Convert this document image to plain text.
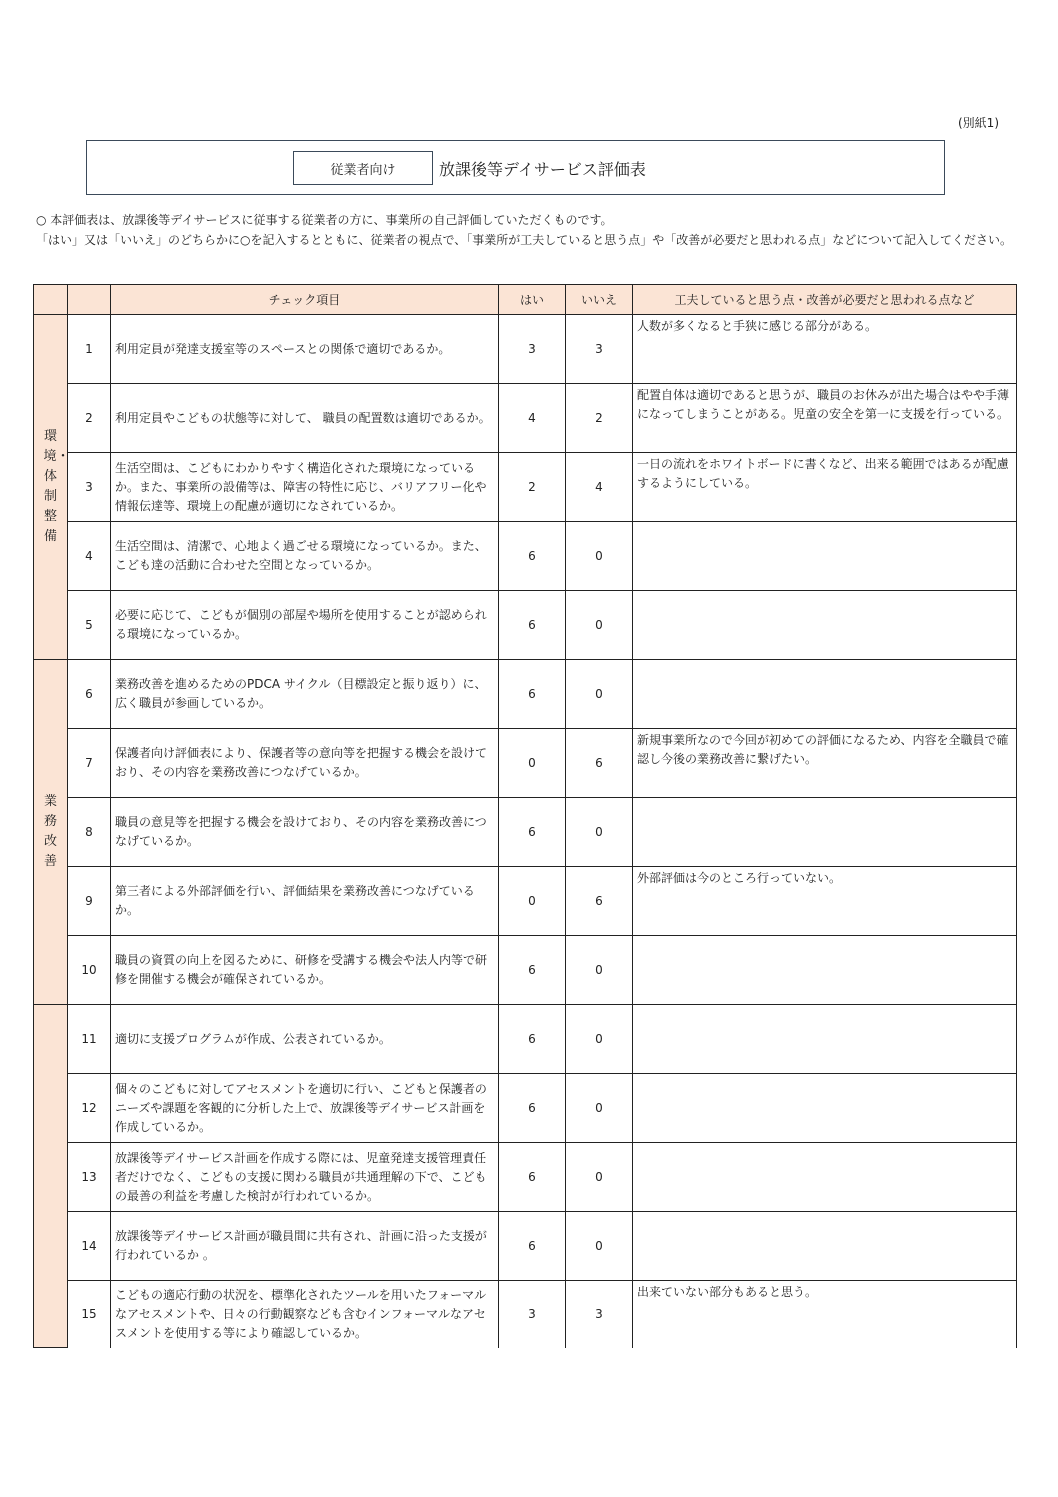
(別紙1)
従業者向け	放課後等デイサービス評価表
○ 本評価表は、放課後等デイサービスに従事する従業者の方に、事業所の自己評価していただくものです。
「はい」又は「いいえ」のどちらかに○を記入するとともに、従業者の視点で、「事業所が工夫していると思う点」や「改善が必要だと思われる点」などについて記入してください。
		チェック項目	はい	いいえ	工夫していると思う点・改善が必要だと思われる点など
環境・体制整備	1	利用定員が発達支援室等のスペースとの関係で適切であるか。	3	3	人数が多くなると手狭に感じる部分がある。
	2	利用定員やこどもの状態等に対して、 職員の配置数は適切であるか。	4	2	配置自体は適切であると思うが、職員のお休みが出た場合はやや手薄になってしまうことがある。児童の安全を第一に支援を行っている。
	3	生活空間は、こどもにわかりやすく構造化された環境になっているか。また、事業所の設備等は、障害の特性に応じ、バリアフリー化や情報伝達等、環境上の配慮が適切になされているか。	2	4	一日の流れをホワイトボードに書くなど、出来る範囲ではあるが配慮するようにしている。
	4	生活空間は、清潔で、心地よく過ごせる環境になっているか。また、こども達の活動に合わせた空間となっているか。	6	0	
	5	必要に応じて、こどもが個別の部屋や場所を使用することが認められる環境になっているか。	6	0	
業務改善	6	業務改善を進めるためのPDCA サイクル（目標設定と振り返り）に、広く職員が参画しているか。	6	0	
	7	保護者向け評価表により、保護者等の意向等を把握する機会を設けており、その内容を業務改善につなげているか。	0	6	新規事業所なので今回が初めての評価になるため、内容を全職員で確認し今後の業務改善に繋げたい。
	8	職員の意見等を把握する機会を設けており、その内容を業務改善につなげているか。	6	0	
	9	第三者による外部評価を行い、評価結果を業務改善につなげているか。	0	6	外部評価は今のところ行っていない。
	10	職員の資質の向上を図るために、研修を受講する機会や法人内等で研修を開催する機会が確保されているか。	6	0	
	11	適切に支援プログラムが作成、公表されているか。	6	0	
	12	個々のこどもに対してアセスメントを適切に行い、こどもと保護者のニーズや課題を客観的に分析した上で、放課後等デイサービス計画を作成しているか。	6	0	
	13	放課後等デイサービス計画を作成する際には、児童発達支援管理責任者だけでなく、こどもの支援に関わる職員が共通理解の下で、こどもの最善の利益を考慮した検討が行われているか。	6	0	
	14	放課後等デイサービス計画が職員間に共有され、計画に沿った支援が行われているか 。	6	0	
	15	こどもの適応行動の状況を、標準化されたツールを用いたフォーマルなアセスメントや、日々の行動観察なども含むインフォーマルなアセスメントを使用する等により確認しているか。	3	3	出来ていない部分もあると思う。
